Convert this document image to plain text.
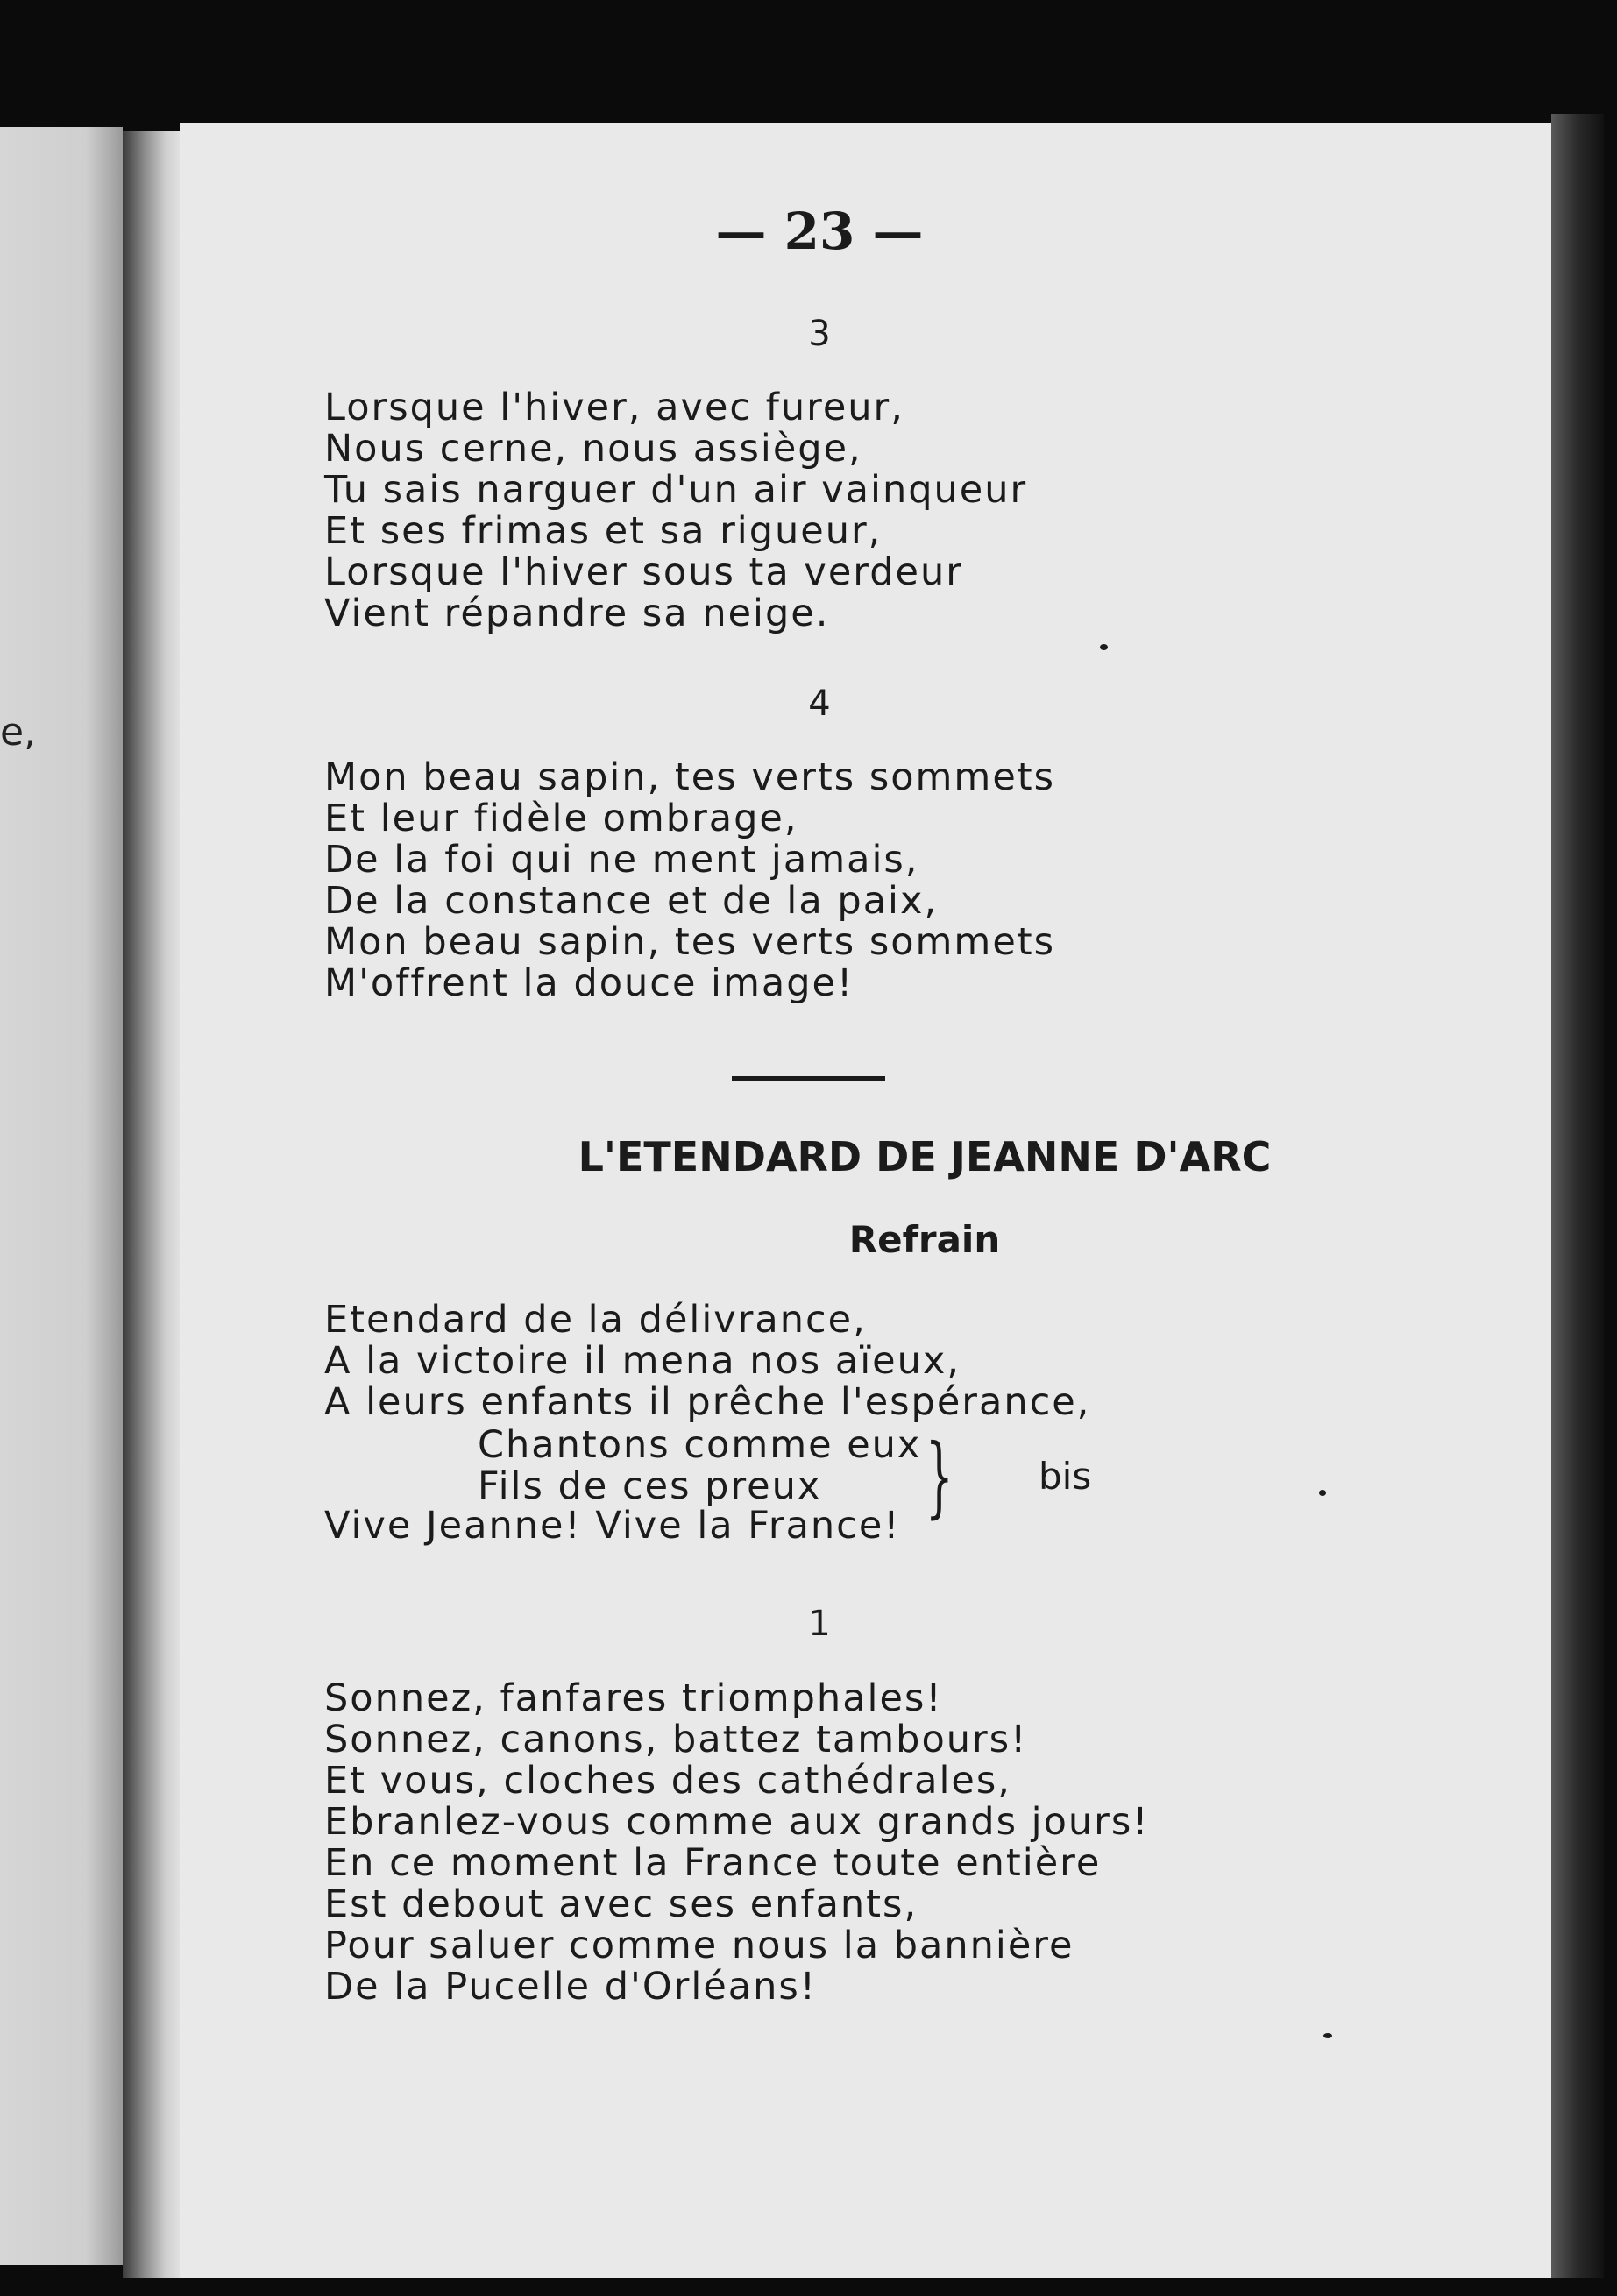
e,
— 23 —
3
Lorsque l'hiver, avec fureur,
Nous cerne, nous assiège,
Tu sais narguer d'un air vainqueur
Et ses frimas et sa rigueur,
Lorsque l'hiver sous ta verdeur
Vient répandre sa neige.
4
Mon beau sapin, tes verts sommets
Et leur fidèle ombrage,
De la foi qui ne ment jamais,
De la constance et de la paix,
Mon beau sapin, tes verts sommets
M'offrent la douce image!
L'ETENDARD DE JEANNE D'ARC
Refrain
Etendard de la délivrance,
A la victoire il mena nos aïeux,
A leurs enfants il prêche l'espérance,
Chantons comme eux
Fils de ces preux } bis
Vive Jeanne! Vive la France!
1
Sonnez, fanfares triomphales!
Sonnez, canons, battez tambours!
Et vous, cloches des cathédrales,
Ebranlez-vous comme aux grands jours!
En ce moment la France toute entière
Est debout avec ses enfants,
Pour saluer comme nous la bannière
De la Pucelle d'Orléans!
